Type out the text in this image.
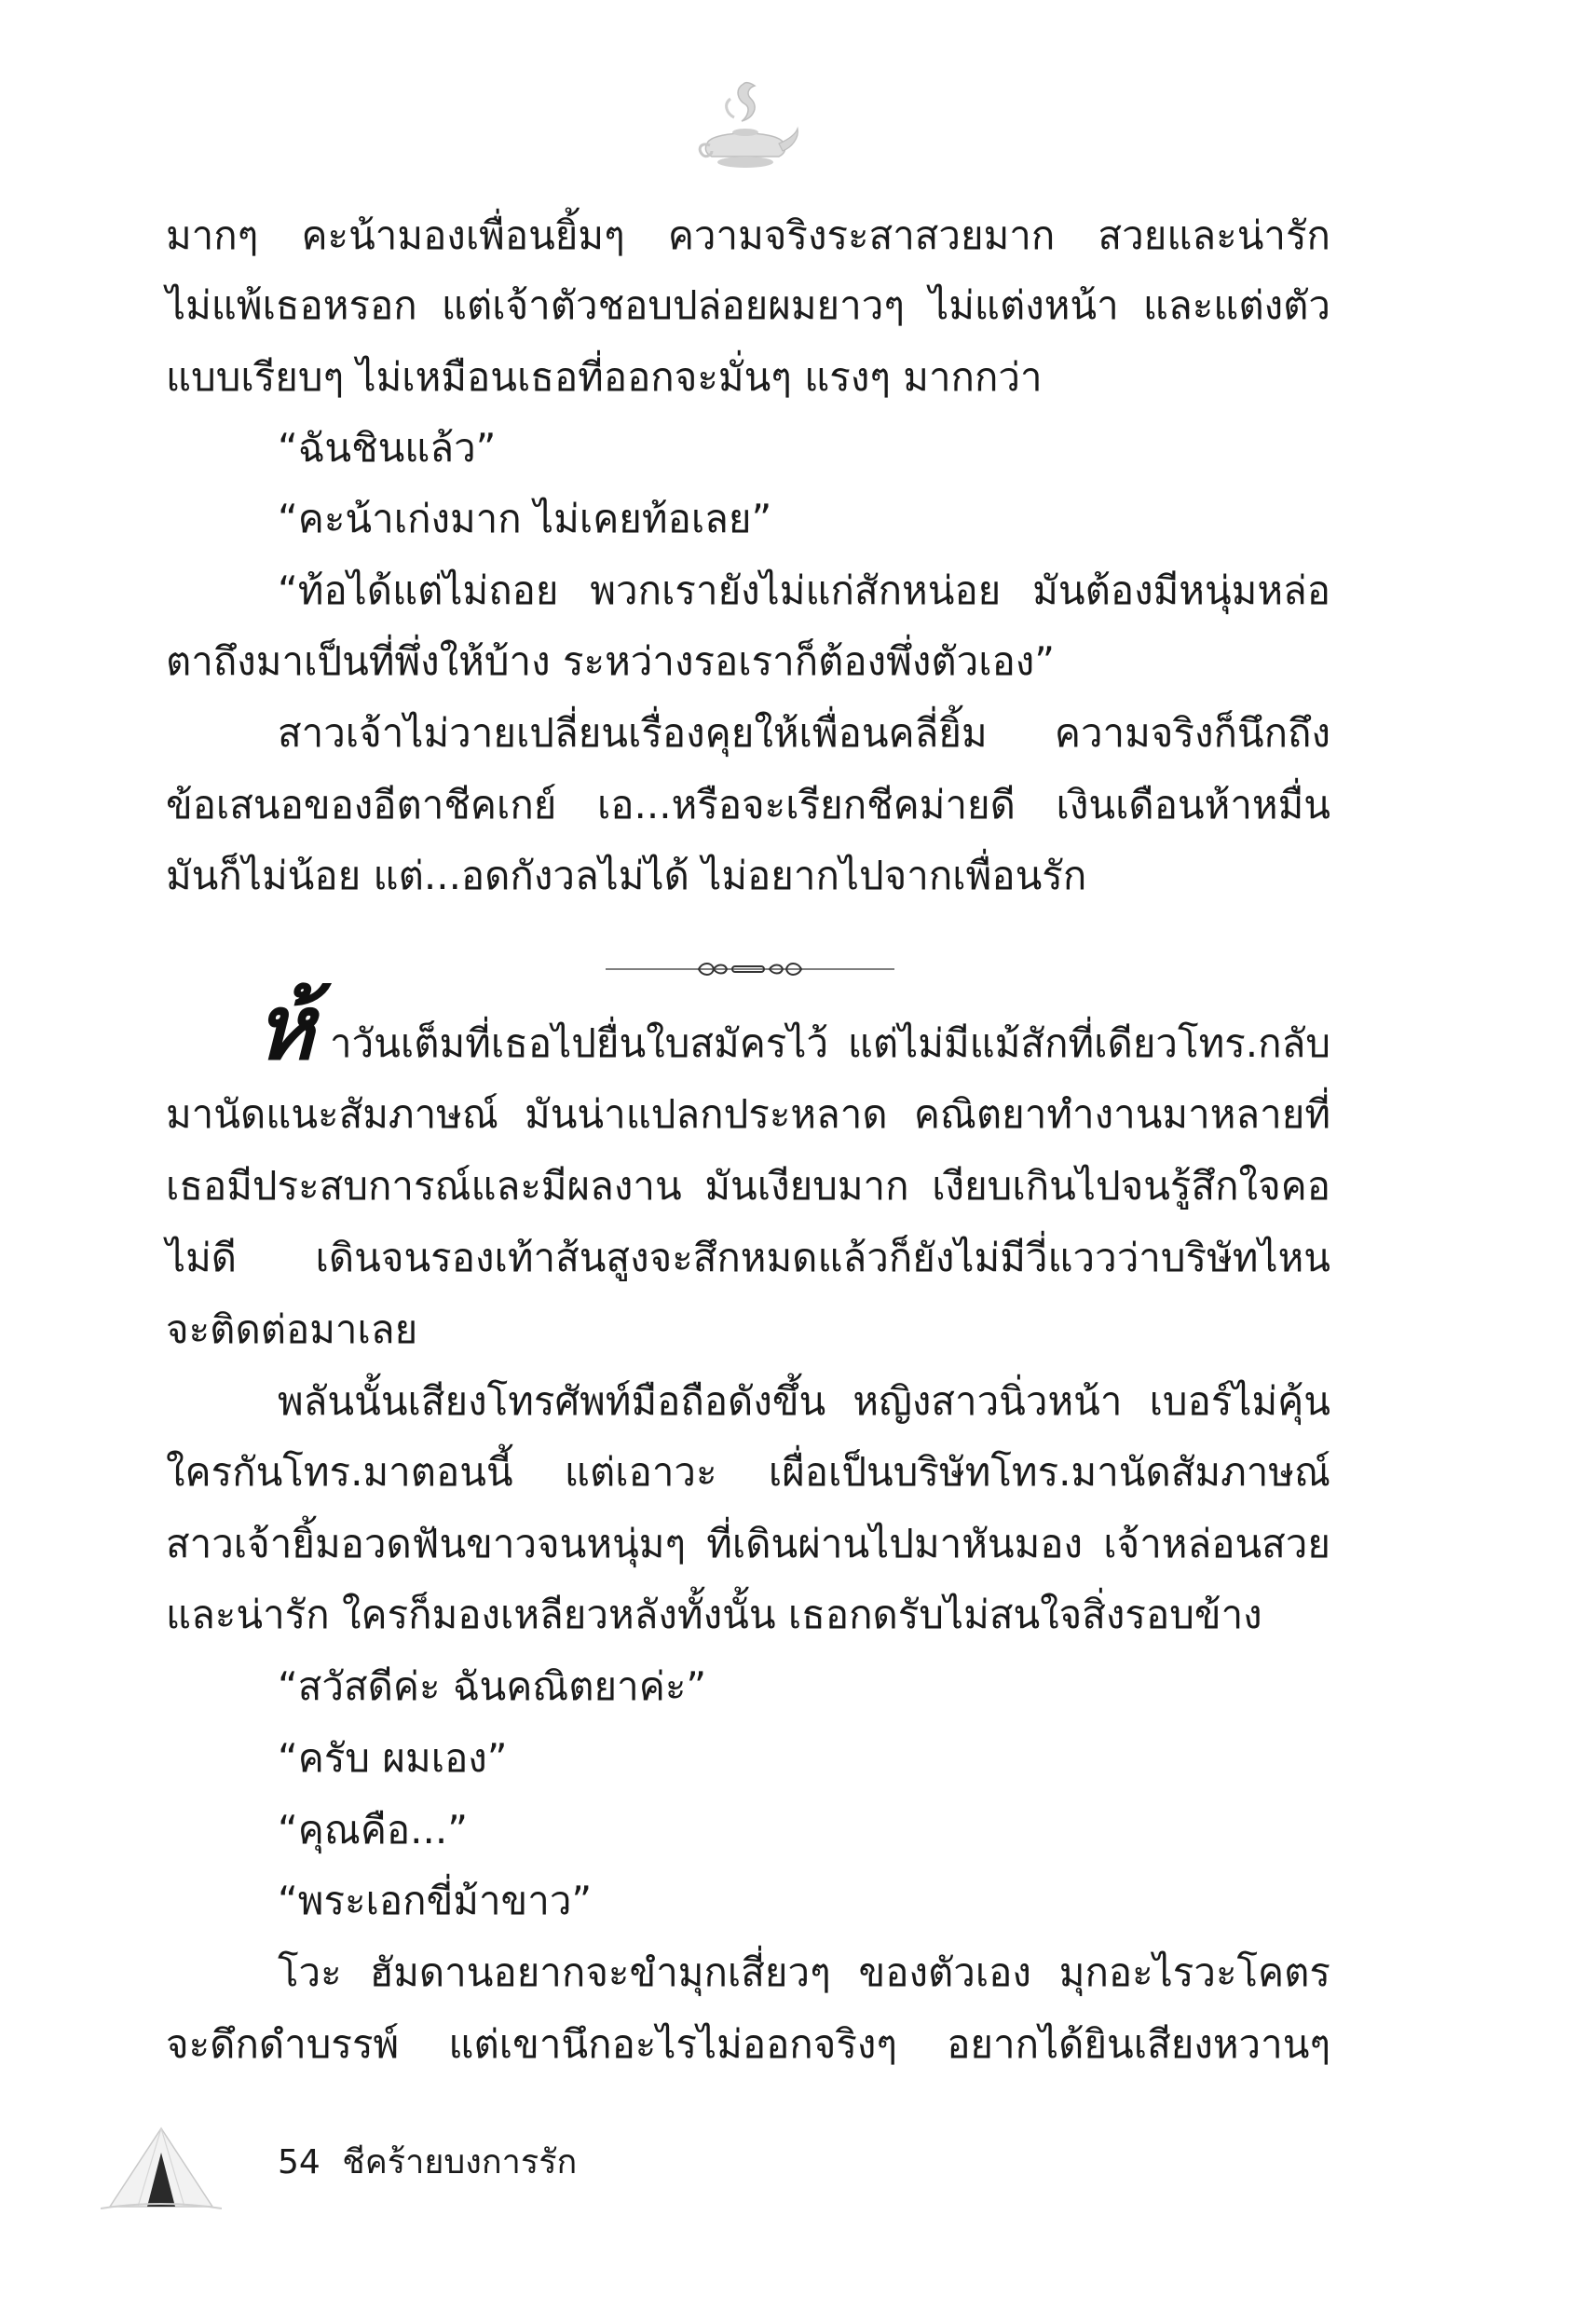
มากๆ คะน้ามองเพื่อนยิ้มๆ ความจริงระสาสวยมาก สวยและน่ารัก
ไม่แพ้เธอหรอก แต่เจ้าตัวชอบปล่อยผมยาวๆ ไม่แต่งหน้า และแต่งตัว
แบบเรียบๆ ไม่เหมือนเธอที่ออกจะมั่นๆ แรงๆ มากกว่า
“ฉันชินแล้ว”
“คะน้าเก่งมาก ไม่เคยท้อเลย”
“ท้อได้แต่ไม่ถอย พวกเรายังไม่แก่สักหน่อย มันต้องมีหนุ่มหล่อ
ตาถึงมาเป็นที่พึ่งให้บ้าง ระหว่างรอเราก็ต้องพึ่งตัวเอง”
สาวเจ้าไม่วายเปลี่ยนเรื่องคุยให้เพื่อนคลี่ยิ้ม ความจริงก็นึกถึง
ข้อเสนอของอีตาชีคเกย์ เอ...หรือจะเรียกชีคม่ายดี เงินเดือนห้าหมื่น
มันก็ไม่น้อย แต่...อดกังวลไม่ได้ ไม่อยากไปจากเพื่อนรัก
ห้ าวันเต็มที่เธอไปยื่นใบสมัครไว้ แต่ไม่มีแม้สักที่เดียวโทร.กลับ
มานัดแนะสัมภาษณ์ มันน่าแปลกประหลาด คณิตยาทำงานมาหลายที่
เธอมีประสบการณ์และมีผลงาน มันเงียบมาก เงียบเกินไปจนรู้สึกใจคอ
ไม่ดี เดินจนรองเท้าส้นสูงจะสึกหมดแล้วก็ยังไม่มีวี่แววว่าบริษัทไหน
จะติดต่อมาเลย
พลันนั้นเสียงโทรศัพท์มือถือดังขึ้น หญิงสาวนิ่วหน้า เบอร์ไม่คุ้น
ใครกันโทร.มาตอนนี้ แต่เอาวะ เผื่อเป็นบริษัทโทร.มานัดสัมภาษณ์
สาวเจ้ายิ้มอวดฟันขาวจนหนุ่มๆ ที่เดินผ่านไปมาหันมอง เจ้าหล่อนสวย
และน่ารัก ใครก็มองเหลียวหลังทั้งนั้น เธอกดรับไม่สนใจสิ่งรอบข้าง
“สวัสดีค่ะ ฉันคณิตยาค่ะ”
“ครับ ผมเอง”
“คุณคือ...”
“พระเอกขี่ม้าขาว”
โวะ ฮัมดานอยากจะขำมุกเสี่ยวๆ ของตัวเอง มุกอะไรวะโคตร
จะดึกดำบรรพ์ แต่เขานึกอะไรไม่ออกจริงๆ อยากได้ยินเสียงหวานๆ
54 ชีคร้ายบงการรัก
